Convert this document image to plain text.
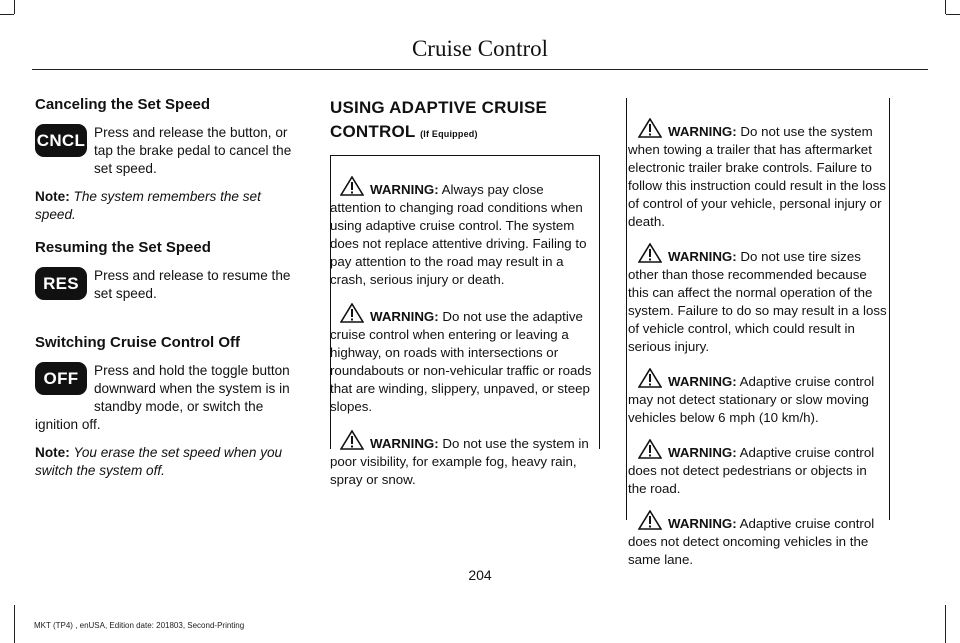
Cruise Control
Canceling the Set Speed
CNCL Press and release the button, or tap the brake pedal to cancel the set speed.

Note: The system remembers the set speed.

Resuming the Set Speed
RES	Press and release to resume the set speed.

Switching Cruise Control Off
OFF	Press and hold the toggle button

downward when the system is in

standby mode, or switch the

ignition off.

Note: You erase the set speed when you switch the system off.

USING ADAPTIVE CRUISE
CONTROL (If Equipped)

WARNING: Always pay close attention to changing road conditions when using adaptive cruise control. The system does not replace attentive driving. Failing to pay attention to the road may result in a crash, serious injury or death.

WARNING: Do not use the adaptive cruise control when entering or leaving a highway, on roads with intersections or roundabouts or non-vehicular traffic or roads that are winding, slippery, unpaved, or steep slopes.

WARNING: Do not use the system in poor visibility, for example fog, heavy rain, spray or snow.

WARNING: Do not use the system when towing a trailer that has aftermarket electronic trailer brake controls. Failure to follow this instruction could result in the loss of control of your vehicle, personal injury or death.

WARNING: Do not use tire sizes other than those recommended because this can affect the normal operation of the system. Failure to do so may result in a loss of vehicle control, which could result in serious injury.

WARNING: Adaptive cruise control may not detect stationary or slow moving vehicles below 6 mph (10 km/h).

WARNING: Adaptive cruise control does not detect pedestrians or objects in the road.

WARNING: Adaptive cruise control does not detect oncoming vehicles in the same lane.

204
MKT (TP4) , enUSA, Edition date: 201803, Second-Printing
